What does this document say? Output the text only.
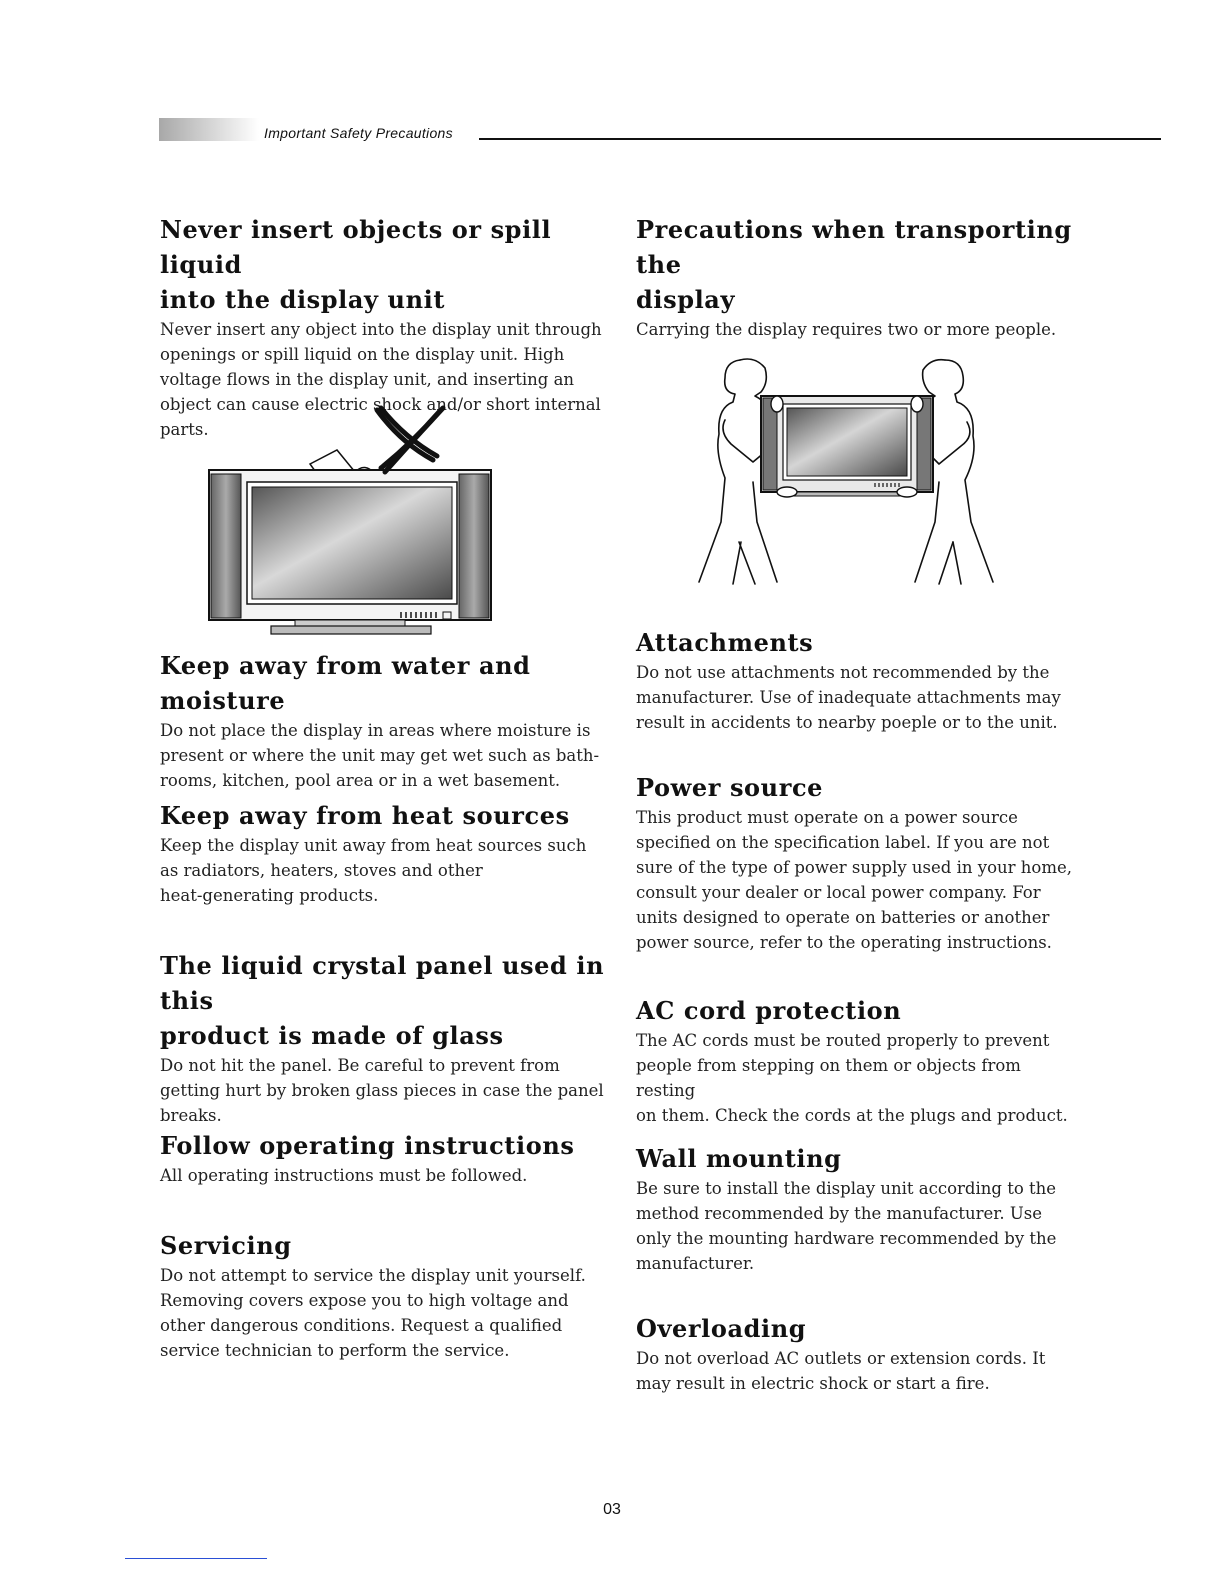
Important Safety Precautions
Never insert objects or spill liquid
into the display unit

Never insert any object into the display unit through
openings or spill liquid on the display unit. High
voltage flows in the display unit, and inserting an
object can cause electric shock and/or short internal
parts.

Keep away from water and moisture

Do not place the display in areas where moisture is
present or where the unit may get wet such as bath-
rooms, kitchen, pool area or in a wet basement.

Keep away from heat sources

Keep the display unit away from heat sources such
as radiators, heaters, stoves and other
heat-generating products.

The liquid crystal panel used in this
product is made of glass

Do not hit the panel. Be careful to prevent from
getting hurt by broken glass pieces in case the panel
breaks.

Follow operating instructions

All operating instructions must be followed.

Servicing

Do not attempt to service the display unit yourself.
Removing covers expose you to high voltage and
other dangerous conditions. Request a qualified
service technician to perform the service.

Precautions when transporting the
display

Carrying the display requires two or more people.

Attachments

Do not use attachments not recommended by the
manufacturer. Use of inadequate attachments may
result in accidents to nearby poeple or to the unit.

Power source

This product must operate on a power source
specified on the specification label. If you are not
sure of the type of power supply used in your home,
consult your dealer or local power company. For
units designed to operate on batteries or another
power source, refer to the operating instructions.

AC cord protection

The AC cords must be routed properly to prevent
people from stepping on them or objects from resting
on them. Check the cords at the plugs and product.

Wall mounting

Be sure to install the display unit according to the
method recommended by the manufacturer. Use
only the mounting hardware recommended by the
manufacturer.

Overloading

Do not overload AC outlets or extension cords. It
may result in electric shock or start a fire.

03
